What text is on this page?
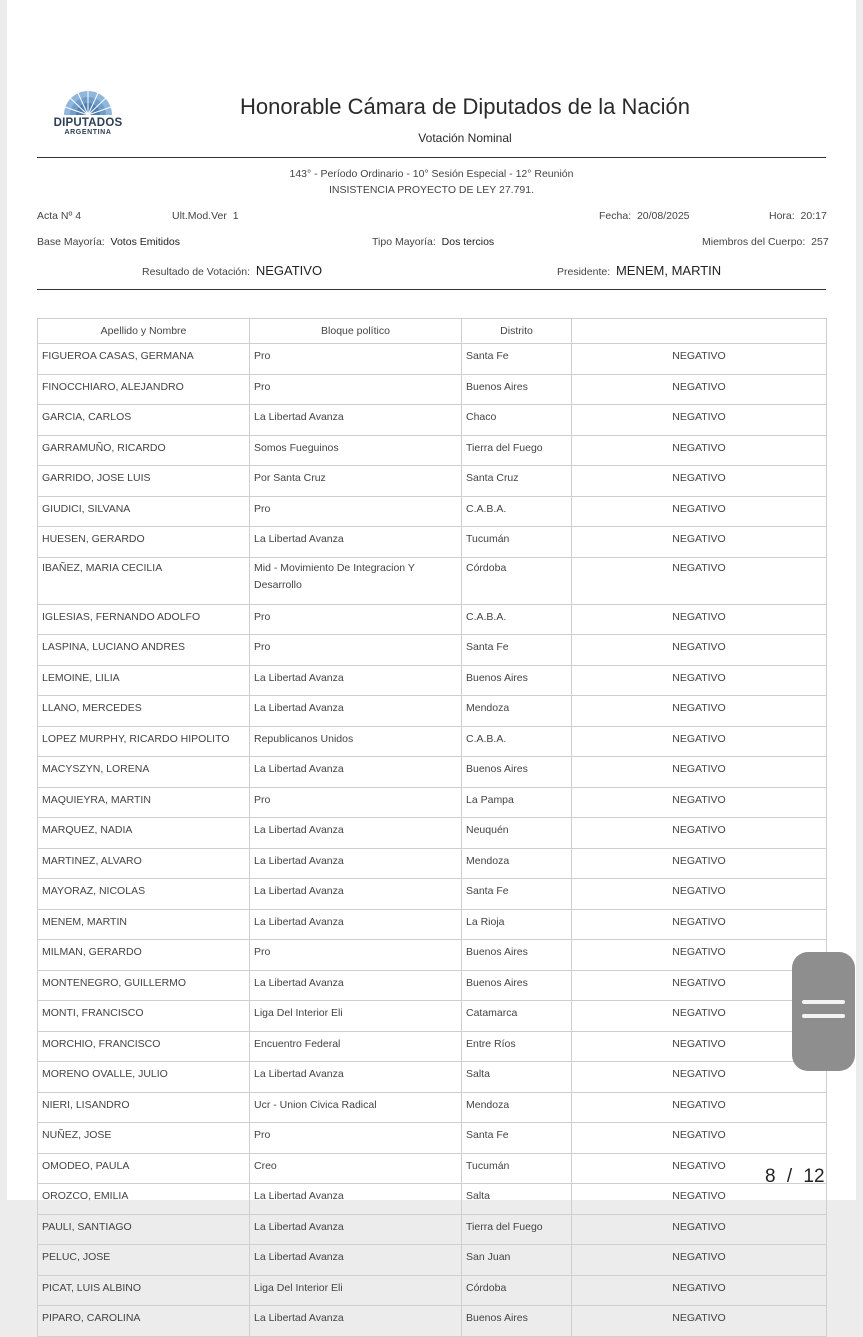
DIPUTADOS
ARGENTINA
Honorable Cámara de Diputados de la Nación
Votación Nominal
143° - Período Ordinario - 10° Sesión Especial - 12° Reunión
INSISTENCIA PROYECTO DE LEY 27.791.
Acta Nº 4	Ult.Mod.Ver 1	Fecha: 20/08/2025	Hora: 20:17
Base Mayoría: Votos Emitidos	Tipo Mayoría: Dos tercios	Miembros del Cuerpo: 257
Resultado de Votación: NEGATIVO	Presidente: MENEM, MARTIN
Apellido y Nombre	Bloque político	Distrito	
FIGUEROA CASAS, GERMANA	Pro	Santa Fe	NEGATIVO
FINOCCHIARO, ALEJANDRO	Pro	Buenos Aires	NEGATIVO
GARCIA, CARLOS	La Libertad Avanza	Chaco	NEGATIVO
GARRAMUÑO, RICARDO	Somos Fueguinos	Tierra del Fuego	NEGATIVO
GARRIDO, JOSE LUIS	Por Santa Cruz	Santa Cruz	NEGATIVO
GIUDICI, SILVANA	Pro	C.A.B.A.	NEGATIVO
HUESEN, GERARDO	La Libertad Avanza	Tucumán	NEGATIVO
IBAÑEZ, MARIA CECILIA	Mid - Movimiento De Integracion Y Desarrollo	Córdoba	NEGATIVO
IGLESIAS, FERNANDO ADOLFO	Pro	C.A.B.A.	NEGATIVO
LASPINA, LUCIANO ANDRES	Pro	Santa Fe	NEGATIVO
LEMOINE, LILIA	La Libertad Avanza	Buenos Aires	NEGATIVO
LLANO, MERCEDES	La Libertad Avanza	Mendoza	NEGATIVO
LOPEZ MURPHY, RICARDO HIPOLITO	Republicanos Unidos	C.A.B.A.	NEGATIVO
MACYSZYN, LORENA	La Libertad Avanza	Buenos Aires	NEGATIVO
MAQUIEYRA, MARTIN	Pro	La Pampa	NEGATIVO
MARQUEZ, NADIA	La Libertad Avanza	Neuquén	NEGATIVO
MARTINEZ, ALVARO	La Libertad Avanza	Mendoza	NEGATIVO
MAYORAZ, NICOLAS	La Libertad Avanza	Santa Fe	NEGATIVO
MENEM, MARTIN	La Libertad Avanza	La Rioja	NEGATIVO
MILMAN, GERARDO	Pro	Buenos Aires	NEGATIVO
MONTENEGRO, GUILLERMO	La Libertad Avanza	Buenos Aires	NEGATIVO
MONTI, FRANCISCO	Liga Del Interior Eli	Catamarca	NEGATIVO
MORCHIO, FRANCISCO	Encuentro Federal	Entre Ríos	NEGATIVO
MORENO OVALLE, JULIO	La Libertad Avanza	Salta	NEGATIVO
NIERI, LISANDRO	Ucr - Union Civica Radical	Mendoza	NEGATIVO
NUÑEZ, JOSE	Pro	Santa Fe	NEGATIVO
OMODEO, PAULA	Creo	Tucumán	NEGATIVO
OROZCO, EMILIA	La Libertad Avanza	Salta	NEGATIVO
PAULI, SANTIAGO	La Libertad Avanza	Tierra del Fuego	NEGATIVO
PELUC, JOSE	La Libertad Avanza	San Juan	NEGATIVO
PICAT, LUIS ALBINO	Liga Del Interior Eli	Córdoba	NEGATIVO
PIPARO, CAROLINA	La Libertad Avanza	Buenos Aires	NEGATIVO
8 / 12
